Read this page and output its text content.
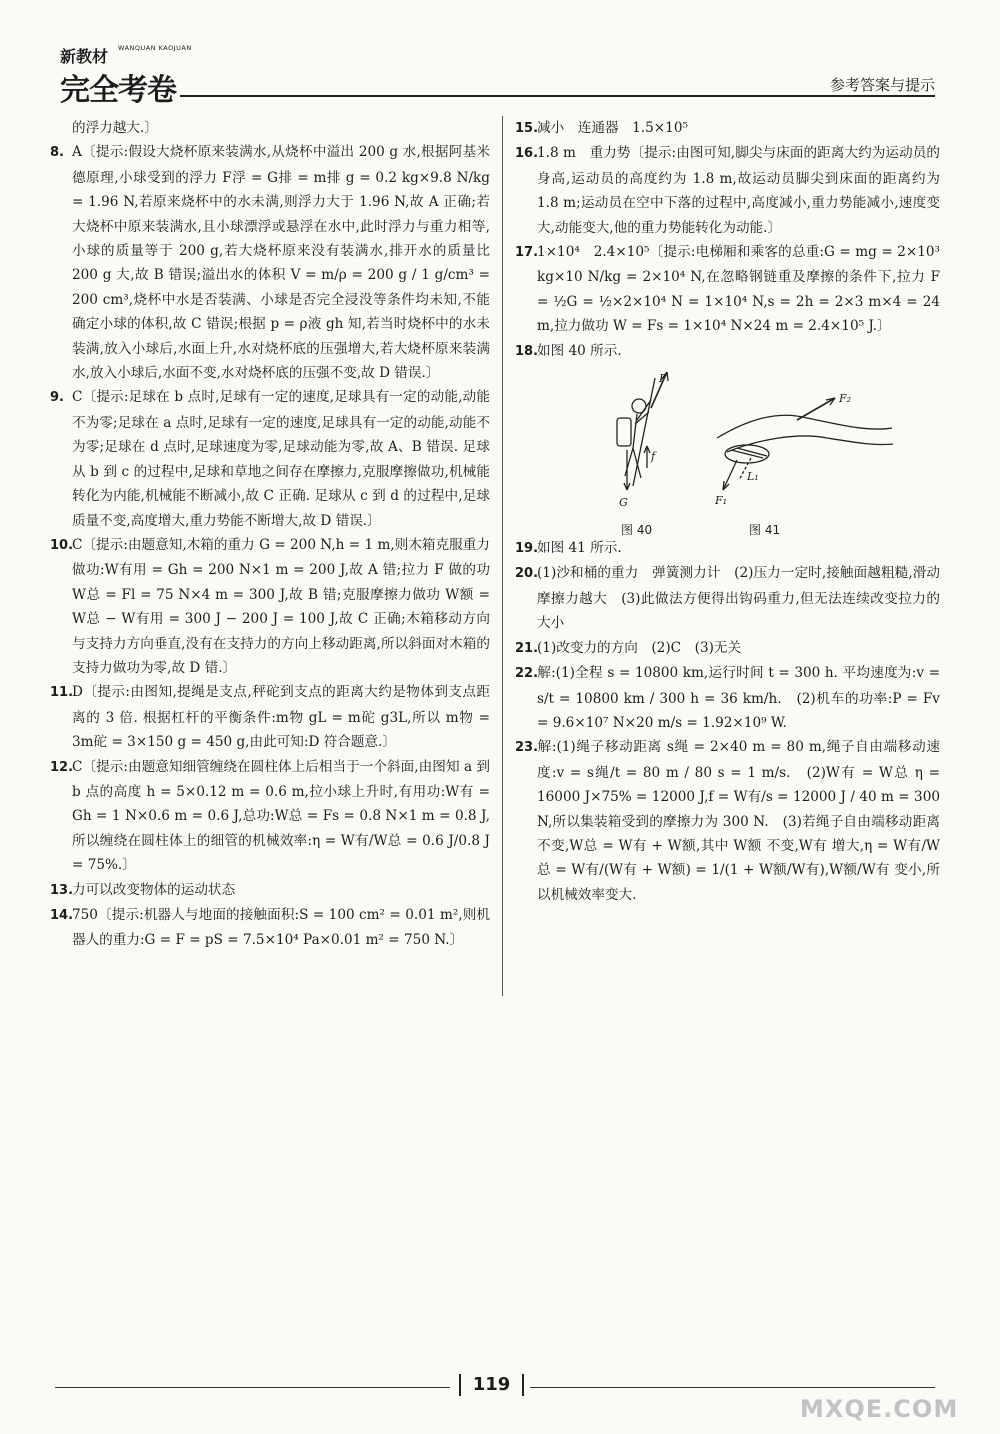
新教材 WANQUAN KAOJUAN
完全考卷	参考答案与提示

的浮力越大.〕

8. A〔提示:假设大烧杯原来装满水,从烧杯中溢出 200 g 水,根据阿基米德原理,小球受到的浮力 F浮 = G排 = m排 g = 0.2 kg×9.8 N/kg = 1.96 N,若原来烧杯中的水未满,则浮力大于 1.96 N,故 A 正确;若大烧杯中原来装满水,且小球漂浮或悬浮在水中,此时浮力与重力相等,小球的质量等于 200 g,若大烧杯原来没有装满水,排开水的质量比 200 g 大,故 B 错误;溢出水的体积 V = m/ρ = 200 g / 1 g/cm³ = 200 cm³,烧杯中水是否装满、小球是否完全浸没等条件均未知,不能确定小球的体积,故 C 错误;根据 p = ρ液 gh 知,若当时烧杯中的水未装满,放入小球后,水面上升,水对烧杯底的压强增大,若大烧杯原来装满水,放入小球后,水面不变,水对烧杯底的压强不变,故 D 错误.〕

9. C〔提示:足球在 b 点时,足球有一定的速度,足球具有一定的动能,动能不为零;足球在 a 点时,足球有一定的速度,足球具有一定的动能,动能不为零;足球在 d 点时,足球速度为零,足球动能为零,故 A、B 错误. 足球从 b 到 c 的过程中,足球和草地之间存在摩擦力,克服摩擦做功,机械能转化为内能,机械能不断减小,故 C 正确. 足球从 c 到 d 的过程中,足球质量不变,高度增大,重力势能不断增大,故 D 错误.〕

10.C〔提示:由题意知,木箱的重力 G = 200 N,h = 1 m,则木箱克服重力做功:W有用 = Gh = 200 N×1 m = 200 J,故 A 错;拉力 F 做的功 W总 = Fl = 75 N×4 m = 300 J,故 B 错;克服摩擦力做功 W额 = W总 − W有用 = 300 J − 200 J = 100 J,故 C 正确;木箱移动方向与支持力方向垂直,没有在支持力的方向上移动距离,所以斜面对木箱的支持力做功为零,故 D 错.〕

11.D〔提示:由图知,提绳是支点,秤砣到支点的距离大约是物体到支点距离的 3 倍. 根据杠杆的平衡条件:m物 gL = m砣 g3L,所以 m物 = 3m砣 = 3×150 g = 450 g,由此可知:D 符合题意.〕

12.C〔提示:由题意知细管缠绕在圆柱体上后相当于一个斜面,由图知 a 到 b 点的高度 h = 5×0.12 m = 0.6 m,拉小球上升时,有用功:W有 = Gh = 1 N×0.6 m = 0.6 J,总功:W总 = Fs = 0.8 N×1 m = 0.8 J,所以缠绕在圆柱体上的细管的机械效率:η = W有/W总 = 0.6 J/0.8 J = 75%.〕

13.力可以改变物体的运动状态

14.750〔提示:机器人与地面的接触面积:S = 100 cm² = 0.01 m²,则机器人的重力:G = F = pS = 7.5×10⁴ Pa×0.01 m² = 750 N.〕

15.减小　连通器　1.5×10⁵

16.1.8 m　重力势〔提示:由图可知,脚尖与床面的距离大约为运动员的身高,运动员的高度约为 1.8 m,故运动员脚尖到床面的距离约为 1.8 m;运动员在空中下落的过程中,高度减小,重力势能减小,速度变大,动能变大,他的重力势能转化为动能.〕

17.1×10⁴　2.4×10⁵〔提示:电梯厢和乘客的总重:G = mg = 2×10³ kg×10 N/kg = 2×10⁴ N,在忽略钢链重及摩擦的条件下,拉力 F = ½G = ½×2×10⁴ N = 1×10⁴ N,s = 2h = 2×3 m×4 = 24 m,拉力做功 W = Fs = 1×10⁴ N×24 m = 2.4×10⁵ J.〕

18.如图 40 所示.

F
f
G
F₂
L₁
F₁
图 40	图 41

19.如图 41 所示.

20.(1)沙和桶的重力　弹簧测力计　(2)压力一定时,接触面越粗糙,滑动摩擦力越大　(3)此做法方便得出钩码重力,但无法连续改变拉力的大小

21.(1)改变力的方向　(2)C　(3)无关

22.解:(1)全程 s = 10800 km,运行时间 t = 300 h. 平均速度为:v = s/t = 10800 km / 300 h = 36 km/h.　(2)机车的功率:P = Fv = 9.6×10⁷ N×20 m/s = 1.92×10⁹ W.

23.解:(1)绳子移动距离 s绳 = 2×40 m = 80 m,绳子自由端移动速度:v = s绳/t = 80 m / 80 s = 1 m/s.　(2)W有 = W总 η = 16000 J×75% = 12000 J,f = W有/s = 12000 J / 40 m = 300 N,所以集装箱受到的摩擦力为 300 N.　(3)若绳子自由端移动距离不变,W总 = W有 + W额,其中 W额 不变,W有 增大,η = W有/W总 = W有/(W有 + W额) = 1/(1 + W额/W有),W额/W有 变小,所以机械效率变大.

119
MXQE.COM
